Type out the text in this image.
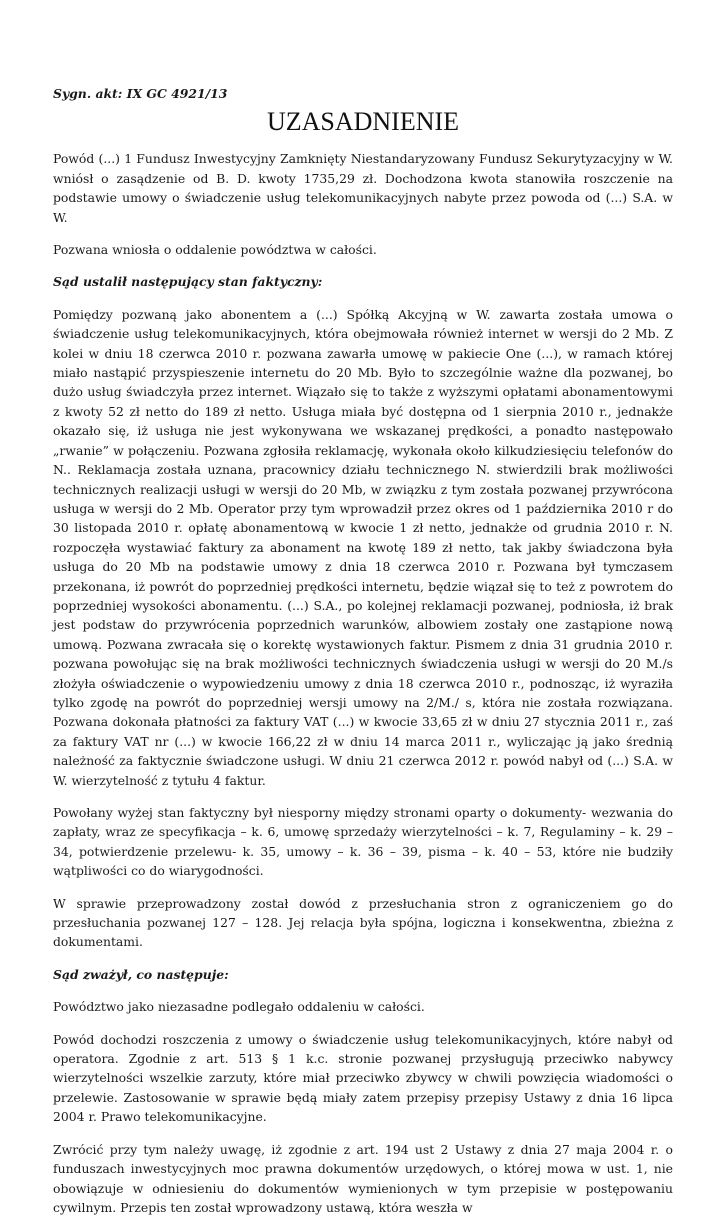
Sygn. akt: IX GC 4921/13
UZASADNIENIE

Powód (...) 1 Fundusz Inwestycyjny Zamknięty Niestandaryzowany Fundusz Sekurytyzacyjny w W. wniósł o zasądzenie od B. D. kwoty 1735,29 zł. Dochodzona kwota stanowiła roszczenie na podstawie umowy o świadczenie usług telekomunikacyjnych nabyte przez powoda od (...) S.A. w W.

Pozwana wniosła o oddalenie powództwa w całości.

Sąd ustalił następujący stan faktyczny:

Pomiędzy pozwaną jako abonentem a (...) Spółką Akcyjną w W. zawarta została umowa o świadczenie usług telekomunikacyjnych, która obejmowała również internet w wersji do 2 Mb. Z kolei w dniu 18 czerwca 2010 r. pozwana zawarła umowę w pakiecie One (...), w ramach której miało nastąpić przyspieszenie internetu do 20 Mb. Było to szczególnie ważne dla pozwanej, bo dużo usług świadczyła przez internet. Wiązało się to także z wyższymi opłatami abonamentowymi z kwoty 52 zł netto do 189 zł netto. Usługa miała być dostępna od 1 sierpnia 2010 r., jednakże okazało się, iż usługa nie jest wykonywana we wskazanej prędkości, a ponadto następowało „rwanie” w połączeniu. Pozwana zgłosiła reklamację, wykonała około kilkudziesięciu telefonów do N.. Reklamacja została uznana, pracownicy działu technicznego N. stwierdzili brak możliwości technicznych realizacji usługi w wersji do 20 Mb, w związku z tym została pozwanej przywrócona usługa w wersji do 2 Mb. Operator przy tym wprowadził przez okres od 1 października 2010 r do 30 listopada 2010 r. opłatę abonamentową w kwocie 1 zł netto, jednakże od grudnia 2010 r. N. rozpoczęła wystawiać faktury za abonament na kwotę 189 zł netto, tak jakby świadczona była usługa do 20 Mb na podstawie umowy z dnia 18 czerwca 2010 r. Pozwana był tymczasem przekonana, iż powrót do poprzedniej prędkości internetu, będzie wiązał się to też z powrotem do poprzedniej wysokości abonamentu. (...) S.A., po kolejnej reklamacji pozwanej, podniosła, iż brak jest podstaw do przywrócenia poprzednich warunków, albowiem zostały one zastąpione nową umową. Pozwana zwracała się o korektę wystawionych faktur. Pismem z dnia 31 grudnia 2010 r. pozwana powołując się na brak możliwości technicznych świadczenia usługi w wersji do 20 M./s złożyła oświadczenie o wypowiedzeniu umowy z dnia 18 czerwca 2010 r., podnosząc, iż wyraziła tylko zgodę na powrót do poprzedniej wersji umowy na 2/M./ s, która nie została rozwiązana. Pozwana dokonała płatności za faktury VAT (...) w kwocie 33,65 zł w dniu 27 stycznia 2011 r., zaś za faktury VAT nr (...) w kwocie 166,22 zł w dniu 14 marca 2011 r., wyliczając ją jako średnią należność za faktycznie świadczone usługi. W dniu 21 czerwca 2012 r. powód nabył od (...) S.A. w W. wierzytelność z tytułu 4 faktur.

Powołany wyżej stan faktyczny był niesporny między stronami oparty o dokumenty- wezwania do zapłaty, wraz ze specyfikacja – k. 6, umowę sprzedaży wierzytelności – k. 7, Regulaminy – k. 29 – 34, potwierdzenie przelewu- k. 35, umowy – k. 36 – 39, pisma – k. 40 – 53, które nie budziły wątpliwości co do wiarygodności.

W sprawie przeprowadzony został dowód z przesłuchania stron z ograniczeniem go do przesłuchania pozwanej 127 – 128. Jej relacja była spójna, logiczna i konsekwentna, zbieżna z dokumentami.

Sąd zważył, co następuje:

Powództwo jako niezasadne podlegało oddaleniu w całości.

Powód dochodzi roszczenia z umowy o świadczenie usług telekomunikacyjnych, które nabył od operatora. Zgodnie z art. 513 § 1 k.c. stronie pozwanej przysługują przeciwko nabywcy wierzytelności wszelkie zarzuty, które miał przeciwko zbywcy w chwili powzięcia wiadomości o przelewie. Zastosowanie w sprawie będą miały zatem przepisy przepisy Ustawy z dnia 16 lipca 2004 r. Prawo telekomunikacyjne.

Zwrócić przy tym należy uwagę, iż zgodnie z art. 194 ust 2 Ustawy z dnia 27 maja 2004 r. o funduszach inwestycyjnych moc prawna dokumentów urzędowych, o której mowa w ust. 1, nie obowiązuje w odniesieniu do dokumentów wymienionych w tym przepisie w postępowaniu cywilnym. Przepis ten został wprowadzony ustawą, która weszła w
